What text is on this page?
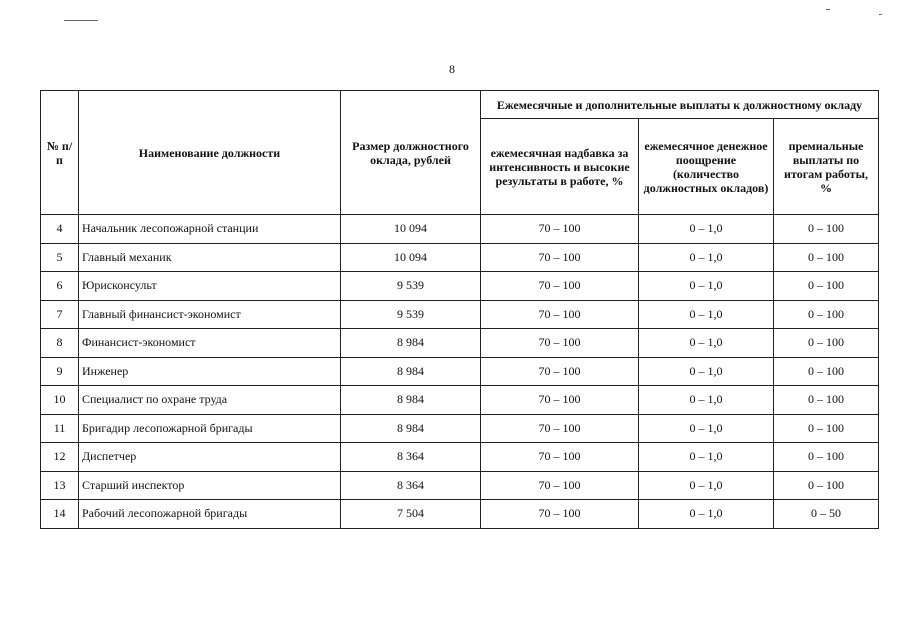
8
№ п/п	Наименование должности	Размер должностного оклада, рублей	Ежемесячные и дополнительные выплаты к должностному окладу		
			ежемесячная надбавка за интенсивность и высокие результаты в работе, %	ежемесячное денежное поощрение (количество должностных окладов)	премиальные выплаты по итогам работы, %
4	Начальник лесопожарной станции	10 094	70 – 100	0 – 1,0	0 – 100
5	Главный механик	10 094	70 – 100	0 – 1,0	0 – 100
6	Юрисконсульт	9 539	70 – 100	0 – 1,0	0 – 100
7	Главный финансист-экономист	9 539	70 – 100	0 – 1,0	0 – 100
8	Финансист-экономист	8 984	70 – 100	0 – 1,0	0 – 100
9	Инженер	8 984	70 – 100	0 – 1,0	0 – 100
10	Специалист по охране труда	8 984	70 – 100	0 – 1,0	0 – 100
11	Бригадир лесопожарной бригады	8 984	70 – 100	0 – 1,0	0 – 100
12	Диспетчер	8 364	70 – 100	0 – 1,0	0 – 100
13	Старший инспектор	8 364	70 – 100	0 – 1,0	0 – 100
14	Рабочий лесопожарной бригады	7 504	70 – 100	0 – 1,0	0 – 50
